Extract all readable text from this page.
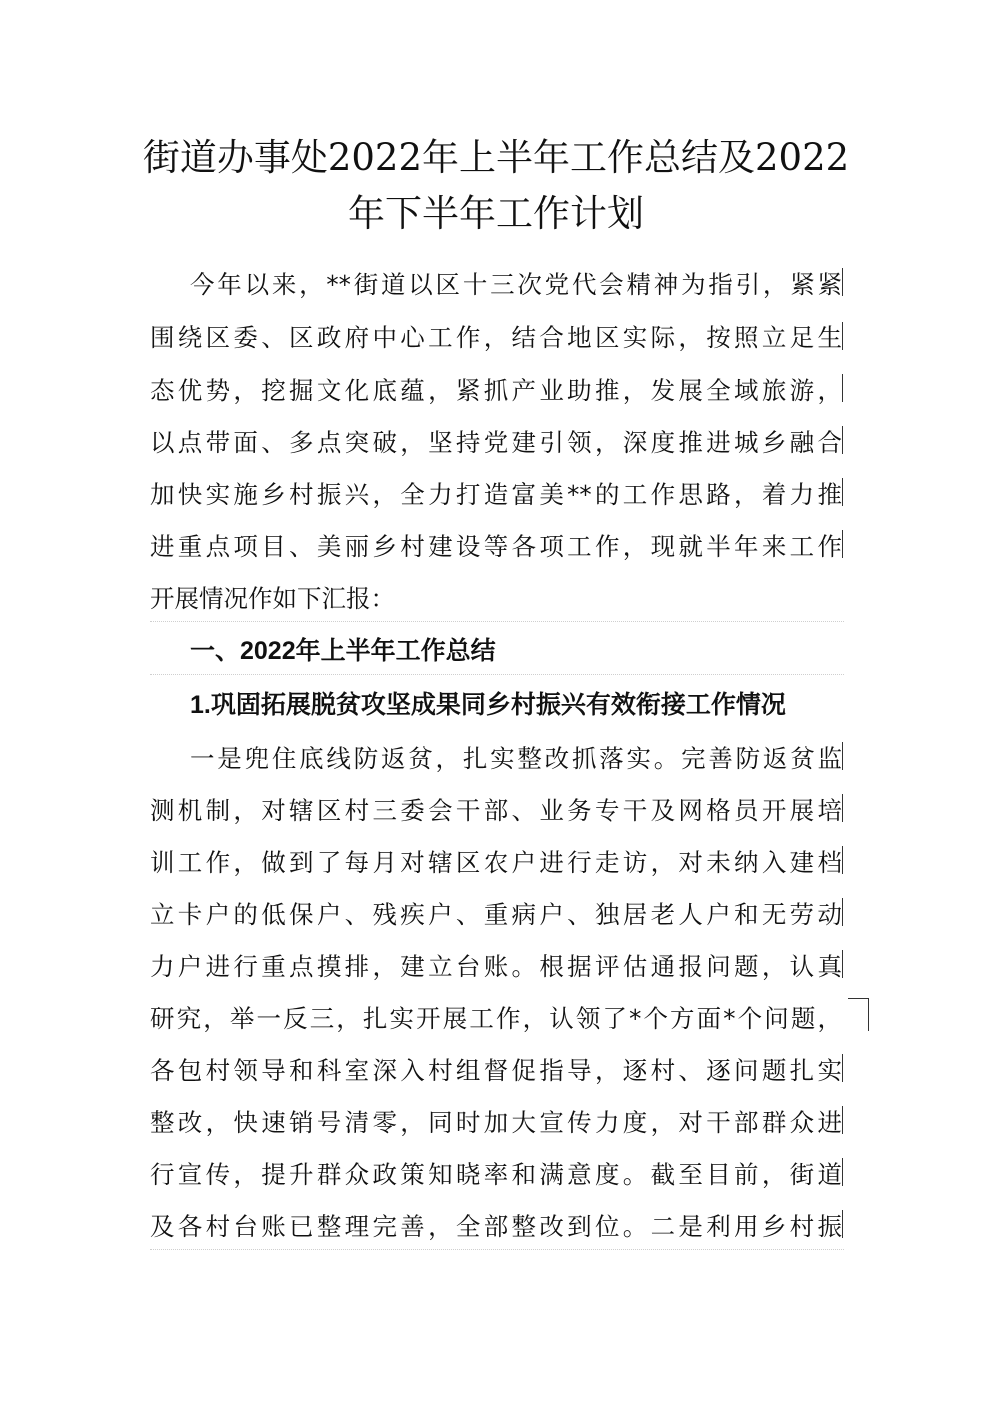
街道办事处2022年上半年工作总结及2022
年下半年工作计划
今年以来，**街道以区十三次党代会精神为指引，紧紧
围绕区委、区政府中心工作，结合地区实际，按照立足生
态优势，挖掘文化底蕴，紧抓产业助推，发展全域旅游，
以点带面、多点突破，坚持党建引领，深度推进城乡融合
加快实施乡村振兴，全力打造富美**的工作思路，着力推
进重点项目、美丽乡村建设等各项工作，现就半年来工作
开展情况作如下汇报：
一、2022年上半年工作总结
1.巩固拓展脱贫攻坚成果同乡村振兴有效衔接工作情况
一是兜住底线防返贫，扎实整改抓落实。完善防返贫监
测机制，对辖区村三委会干部、业务专干及网格员开展培
训工作，做到了每月对辖区农户进行走访，对未纳入建档
立卡户的低保户、残疾户、重病户、独居老人户和无劳动
力户进行重点摸排，建立台账。根据评估通报问题，认真
研究，举一反三，扎实开展工作，认领了*个方面*个问题，
各包村领导和科室深入村组督促指导，逐村、逐问题扎实
整改，快速销号清零，同时加大宣传力度，对干部群众进
行宣传，提升群众政策知晓率和满意度。截至目前，街道
及各村台账已整理完善，全部整改到位。二是利用乡村振
